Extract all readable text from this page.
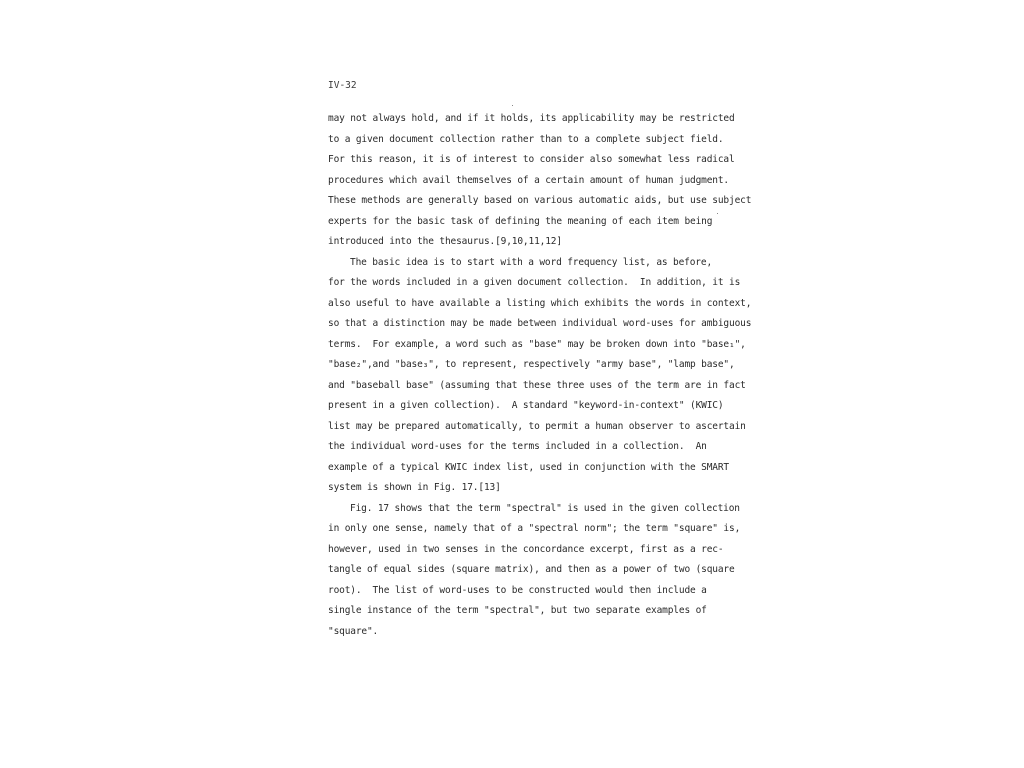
IV-32
may not always hold, and if it holds, its applicability may be restricted
to a given document collection rather than to a complete subject field.
For this reason, it is of interest to consider also somewhat less radical
procedures which avail themselves of a certain amount of human judgment.
These methods are generally based on various automatic aids, but use subject
experts for the basic task of defining the meaning of each item being
introduced into the thesaurus.[9,10,11,12]
The basic idea is to start with a word frequency list, as before,
for the words included in a given document collection.  In addition, it is
also useful to have available a listing which exhibits the words in context,
so that a distinction may be made between individual word-uses for ambiguous
terms.  For example, a word such as "base" may be broken down into "base₁",
"base₂",and "base₃", to represent, respectively "army base", "lamp base",
and "baseball base" (assuming that these three uses of the term are in fact
present in a given collection).  A standard "keyword-in-context" (KWIC)
list may be prepared automatically, to permit a human observer to ascertain
the individual word-uses for the terms included in a collection.  An
example of a typical KWIC index list, used in conjunction with the SMART
system is shown in Fig. 17.[13]
Fig. 17 shows that the term "spectral" is used in the given collection
in only one sense, namely that of a "spectral norm"; the term "square" is,
however, used in two senses in the concordance excerpt, first as a rec-
tangle of equal sides (square matrix), and then as a power of two (square
root).  The list of word-uses to be constructed would then include a
single instance of the term "spectral", but two separate examples of
"square".
